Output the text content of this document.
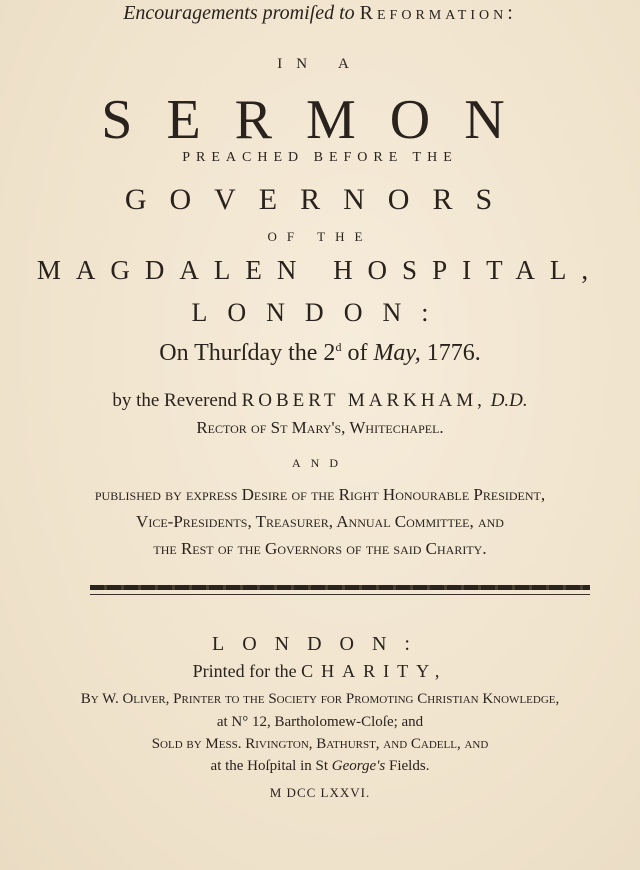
Encouragements promiſed to Reformation:
IN A
SERMON
PREACHED BEFORE THE
GOVERNORS
OF THE
MAGDALEN HOSPITAL,
LONDON:
On Thurſday the 2$^d$ of May, 1776.
by the Reverend ROBERT MARKHAM, D.D.
Rector of St Mary's, Whitechapel.
AND
publiſhed by expreſs Deſire of the Right Honourable President,
Vice-Presidents, Treasurer, Annual Committee, and
the Reſt of the Governors of the ſaid Charity.
LONDON:
Printed for the CHARITY,
By W. Oliver, Printer to the Society for Promoting Chriſtian Knowledge,
at N° 12, Bartholomew-Cloſe; and
Sold by Meſſ. Rivington, Bathurst, and Cadell, and
at the Hoſpital in St George's Fields.
M DCC LXXVI.
